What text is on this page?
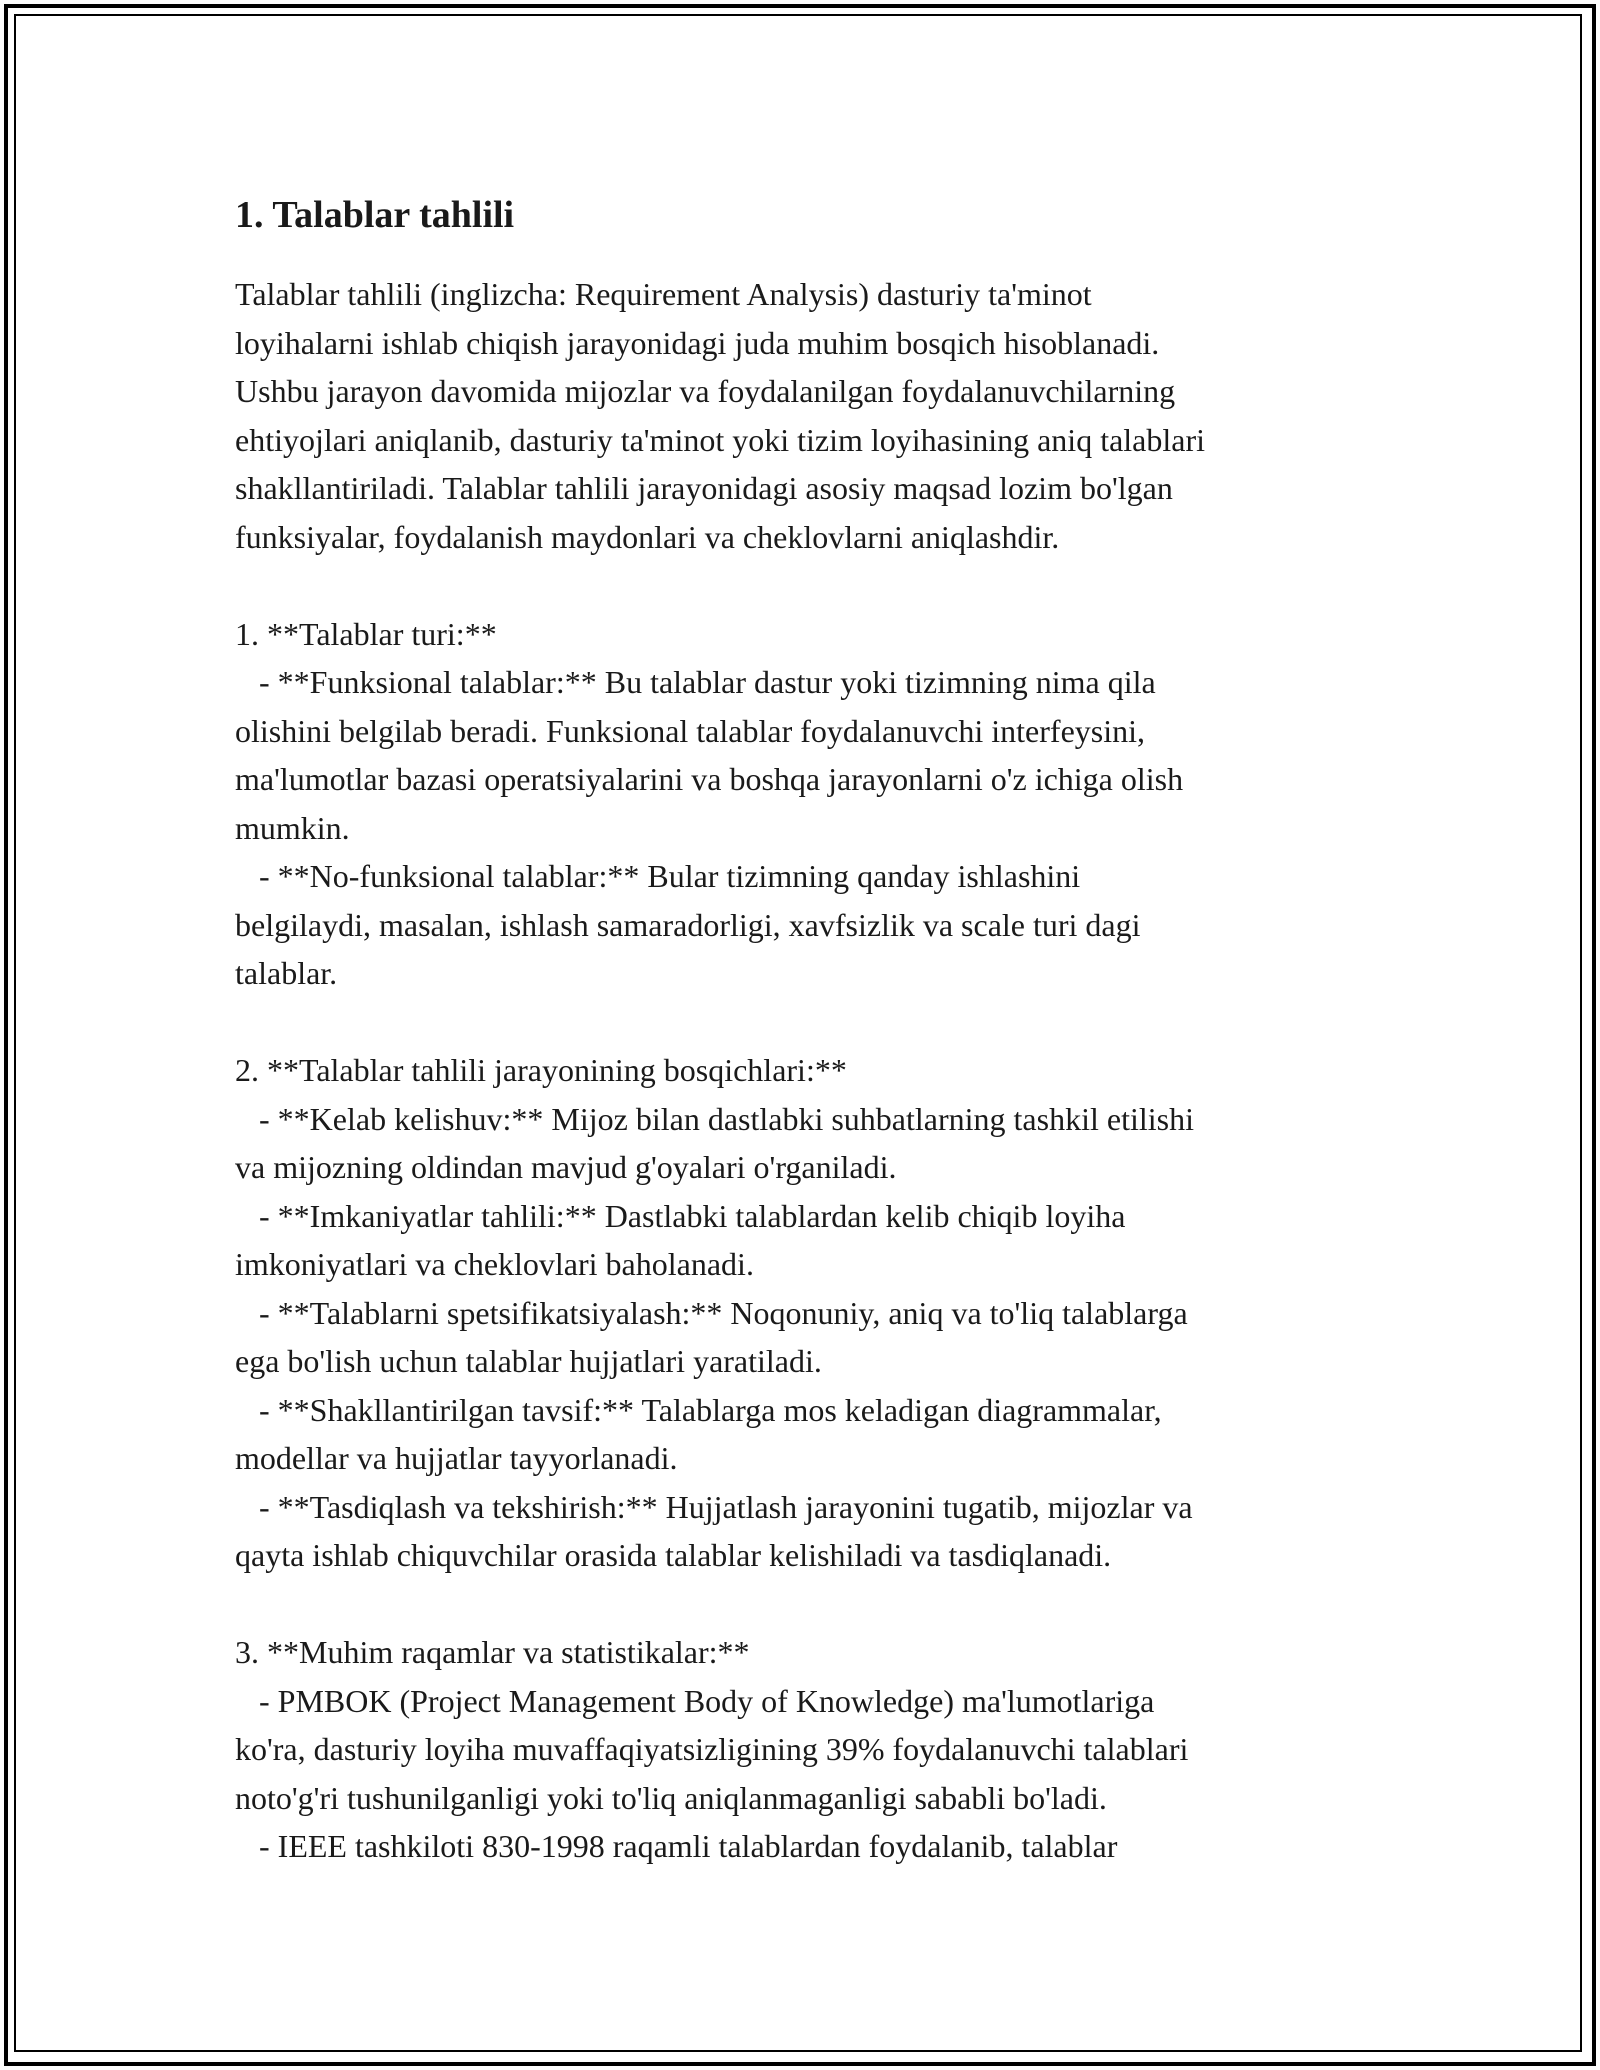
1. Talablar tahlili

Talablar tahlili (inglizcha: Requirement Analysis) dasturiy ta'minot
loyihalarni ishlab chiqish jarayonidagi juda muhim bosqich hisoblanadi.
Ushbu jarayon davomida mijozlar va foydalanilgan foydalanuvchilarning
ehtiyojlari aniqlanib, dasturiy ta'minot yoki tizim loyihasining aniq talablari
shakllantiriladi. Talablar tahlili jarayonidagi asosiy maqsad lozim bo'lgan
funksiyalar, foydalanish maydonlari va cheklovlarni aniqlashdir.

1. **Talablar turi:**
- **Funksional talablar:** Bu talablar dastur yoki tizimning nima qila
olishini belgilab beradi. Funksional talablar foydalanuvchi interfeysini,
ma'lumotlar bazasi operatsiyalarini va boshqa jarayonlarni o'z ichiga olish
mumkin.
- **No-funksional talablar:** Bular tizimning qanday ishlashini
belgilaydi, masalan, ishlash samaradorligi, xavfsizlik va scale turi dagi
talablar.
2. **Talablar tahlili jarayonining bosqichlari:**
- **Kelab kelishuv:** Mijoz bilan dastlabki suhbatlarning tashkil etilishi
va mijozning oldindan mavjud g'oyalari o'rganiladi.
- **Imkaniyatlar tahlili:** Dastlabki talablardan kelib chiqib loyiha
imkoniyatlari va cheklovlari baholanadi.
- **Talablarni spetsifikatsiyalash:** Noqonuniy, aniq va to'liq talablarga
ega bo'lish uchun talablar hujjatlari yaratiladi.
- **Shakllantirilgan tavsif:** Talablarga mos keladigan diagrammalar,
modellar va hujjatlar tayyorlanadi.
- **Tasdiqlash va tekshirish:** Hujjatlash jarayonini tugatib, mijozlar va
qayta ishlab chiquvchilar orasida talablar kelishiladi va tasdiqlanadi.
3. **Muhim raqamlar va statistikalar:**
- PMBOK (Project Management Body of Knowledge) ma'lumotlariga
ko'ra, dasturiy loyiha muvaffaqiyatsizligining 39% foydalanuvchi talablari
noto'g'ri tushunilganligi yoki to'liq aniqlanmaganligi sababli bo'ladi.
- IEEE tashkiloti 830-1998 raqamli talablardan foydalanib, talablar
